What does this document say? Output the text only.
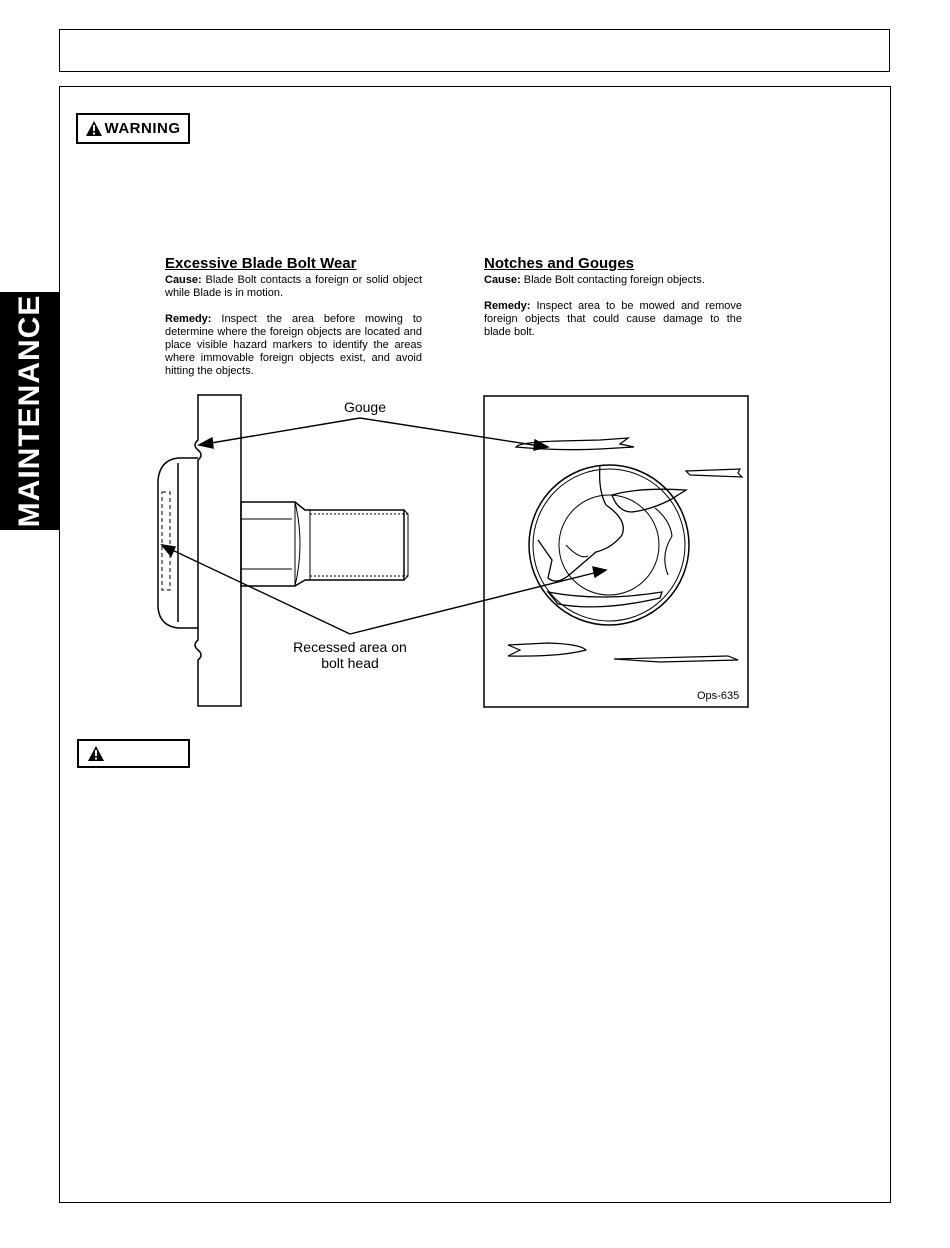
MAINTENANCE
WARNING
Excessive Blade Bolt Wear

Cause: Blade Bolt contacts a foreign or solid object while Blade is in motion.

Remedy: Inspect the area before mowing to determine where the foreign objects are located and place visible hazard markers to identify the areas where immovable foreign objects exist, and avoid hitting the objects.

Notches and Gouges

Cause: Blade Bolt contacting foreign objects.

Remedy: Inspect area to be mowed and remove foreign objects that could cause damage to the blade bolt.

Gouge
Recessed area on bolt head
Ops-635
